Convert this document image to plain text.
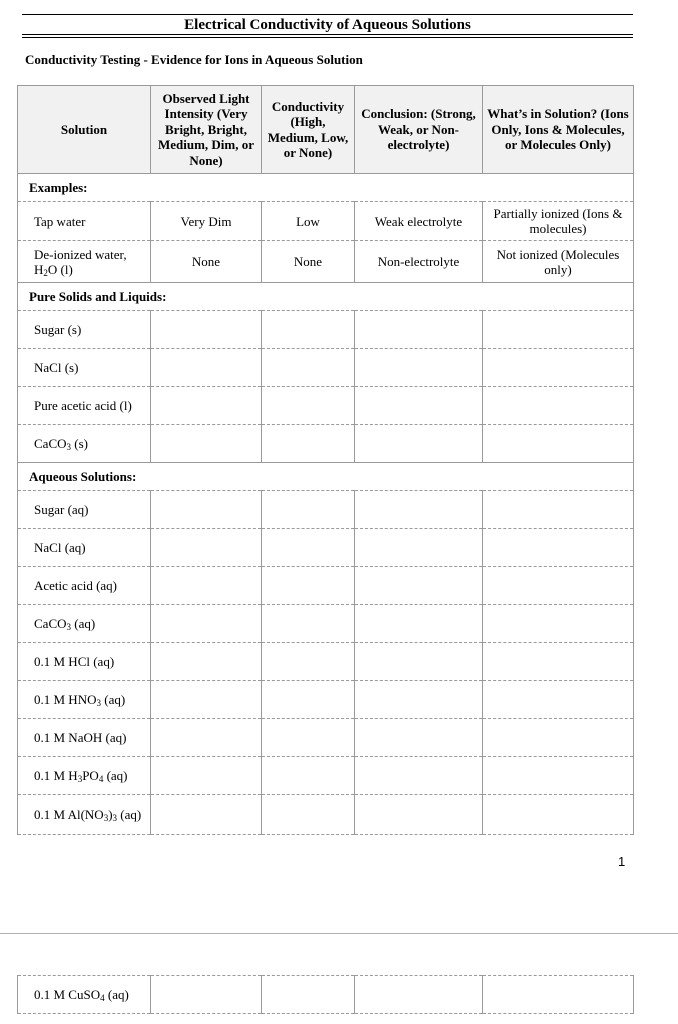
Electrical Conductivity of Aqueous Solutions
Conductivity Testing - Evidence for Ions in Aqueous Solution
Solution	Observed Light Intensity (Very Bright, Bright, Medium, Dim, or None)	Conductivity (High, Medium, Low, or None)	Conclusion: (Strong, Weak, or Non-electrolyte)	What’s in Solution? (Ions Only, Ions & Molecules, or Molecules Only)
Examples:				
Tap water	Very Dim	Low	Weak electrolyte	Partially ionized (Ions & molecules)
De-ionized water, $H_2O$ (l)	None	None	Non-electrolyte	Not ionized (Molecules only)
Pure Solids and Liquids:				
Sugar (s)				
NaCl (s)				
Pure acetic acid (l)				
CaCO$_3$ (s)				
Aqueous Solutions:				
Sugar (aq)				
NaCl (aq)				
Acetic acid (aq)				
CaCO$_3$ (aq)				
0.1 M HCl (aq)				
0.1 M $HNO_3$ (aq)				
0.1 M NaOH (aq)				
0.1 M $H_3PO_4$ (aq)				
0.1 M $Al(NO_3)_3$ (aq)				
1
0.1 M CuSO$_4$ (aq)				
